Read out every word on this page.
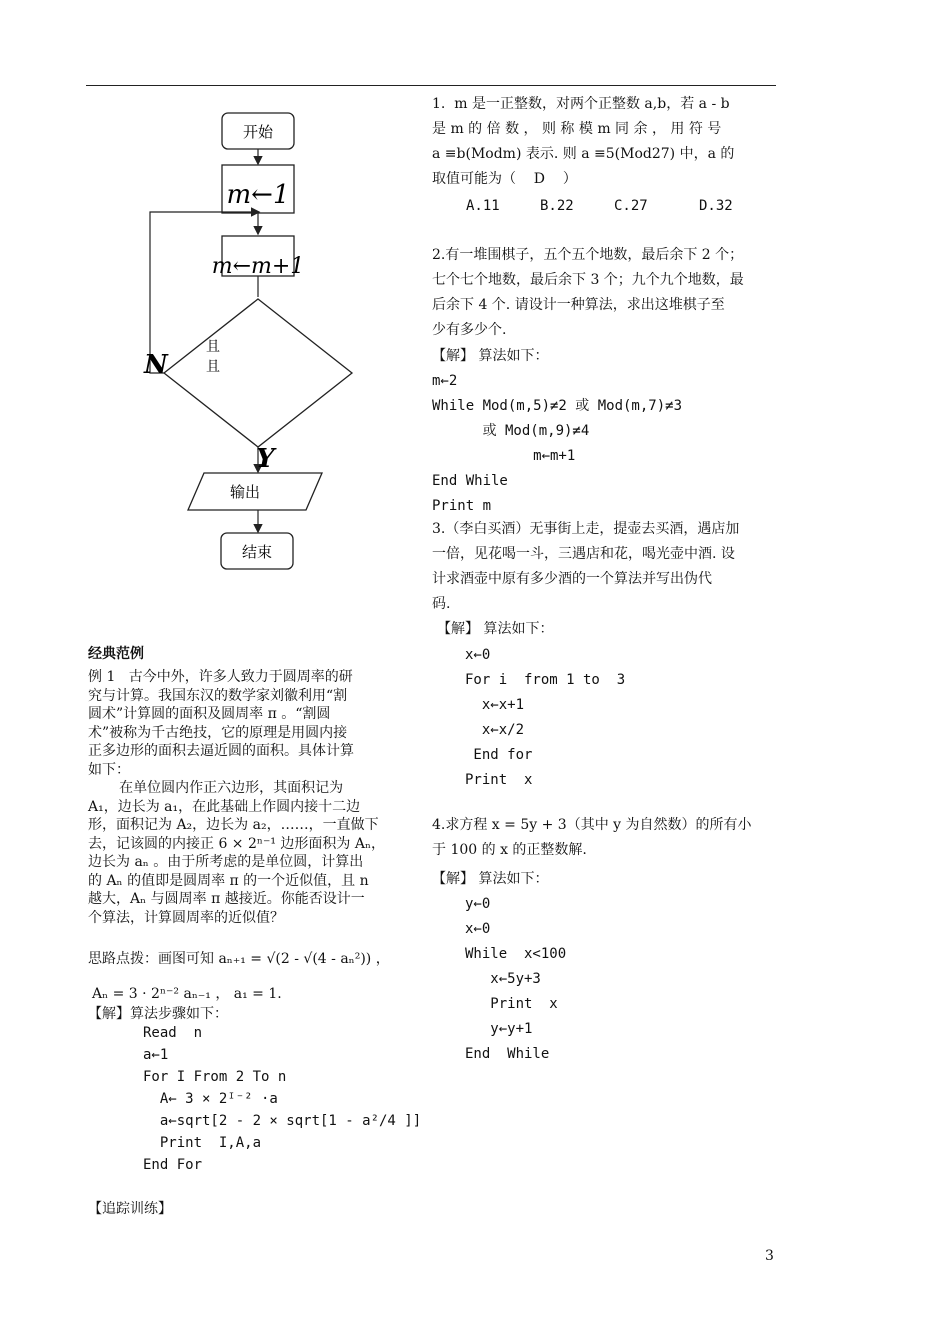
开始
m←1
m←m+1
且
且
N
Y
输出
结束
经典范例
例 1   古今中外，许多人致力于圆周率的研
究与计算。我国东汉的数学家刘徽利用“割
圆术”计算圆的面积及圆周率 π 。“割圆
术”被称为千古绝技，它的原理是用圆内接
正多边形的面积去逼近圆的面积。具体计算
如下：
在单位圆内作正六边形，其面积记为
A₁，边长为 a₁，在此基础上作圆内接十二边
形，面积记为 A₂，边长为 a₂，……，一直做下
去，记该圆的内接正 6 × 2ⁿ⁻¹ 边形面积为 Aₙ，
边长为 aₙ 。由于所考虑的是单位圆，计算出
的 Aₙ 的值即是圆周率 π 的一个近似值，且 n
越大，Aₙ 与圆周率 π 越接近。你能否设计一
个算法，计算圆周率的近似值？
思路点拨：画图可知 aₙ₊₁ = √(2 - √(4 - aₙ²)) ，
Aₙ = 3 · 2ⁿ⁻² aₙ₋₁ ， a₁ = 1.
【解】算法步骤如下：
Read  n
a←1
For I From 2 To n
A← 3 × 2ᴵ⁻² ·a
a←sqrt[2 - 2 × sqrt[1 - a²/4 ]]
Print  I,A,a
End For
【追踪训练】
1.  m 是一正整数，对两个正整数 a,b，若 a - b
是 m 的 倍 数 ， 则 称 模 m 同 余 ， 用 符 号
a ≡b(Modm) 表示. 则 a ≡5(Mod27) 中，a 的
取值可能为（    D    ）
A.11	B.22	C.27	D.32
2.有一堆围棋子，五个五个地数，最后余下 2 个；
七个七个地数，最后余下 3 个；九个九个地数，最
后余下 4 个. 请设计一种算法，求出这堆棋子至
少有多少个.
【解】 算法如下：
m←2
While Mod(m,5)≠2 或 Mod(m,7)≠3
或 Mod(m,9)≠4
m←m+1
End While
Print m
3.（李白买酒）无事街上走，提壶去买酒，遇店加
一倍，见花喝一斗，三遇店和花，喝光壶中酒. 设
计求酒壶中原有多少酒的一个算法并写出伪代
码.
【解】 算法如下：
x←0
For i  from 1 to  3
x←x+1
x←x/2
End for
Print  x
4.求方程 x = 5y + 3（其中 y 为自然数）的所有小
于 100 的 x 的正整数解.
【解】 算法如下：
y←0
x←0
While  x<100
x←5y+3
Print  x
y←y+1
End  While
3
